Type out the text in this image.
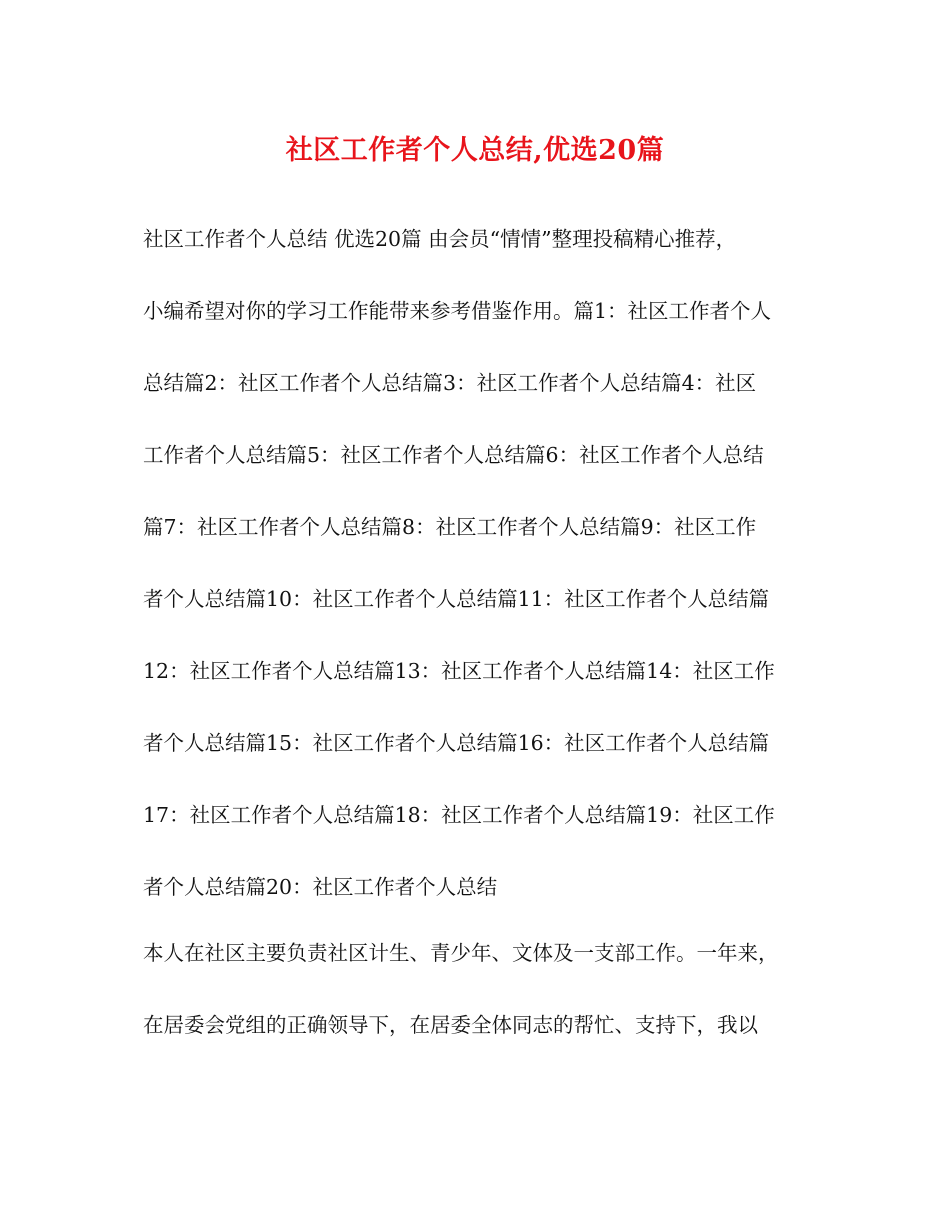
社区工作者个人总结,优选20篇

社区工作者个人总结 优选20篇 由会员“情情”整理投稿精心推荐，

小编希望对你的学习工作能带来参考借鉴作用。篇1：社区工作者个人

总结篇2：社区工作者个人总结篇3：社区工作者个人总结篇4：社区

工作者个人总结篇5：社区工作者个人总结篇6：社区工作者个人总结

篇7：社区工作者个人总结篇8：社区工作者个人总结篇9：社区工作

者个人总结篇10：社区工作者个人总结篇11：社区工作者个人总结篇

12：社区工作者个人总结篇13：社区工作者个人总结篇14：社区工作

者个人总结篇15：社区工作者个人总结篇16：社区工作者个人总结篇

17：社区工作者个人总结篇18：社区工作者个人总结篇19：社区工作

者个人总结篇20：社区工作者个人总结

本人在社区主要负责社区计生、青少年、文体及一支部工作。一年来，

在居委会党组的正确领导下，在居委全体同志的帮忙、支持下，我以
